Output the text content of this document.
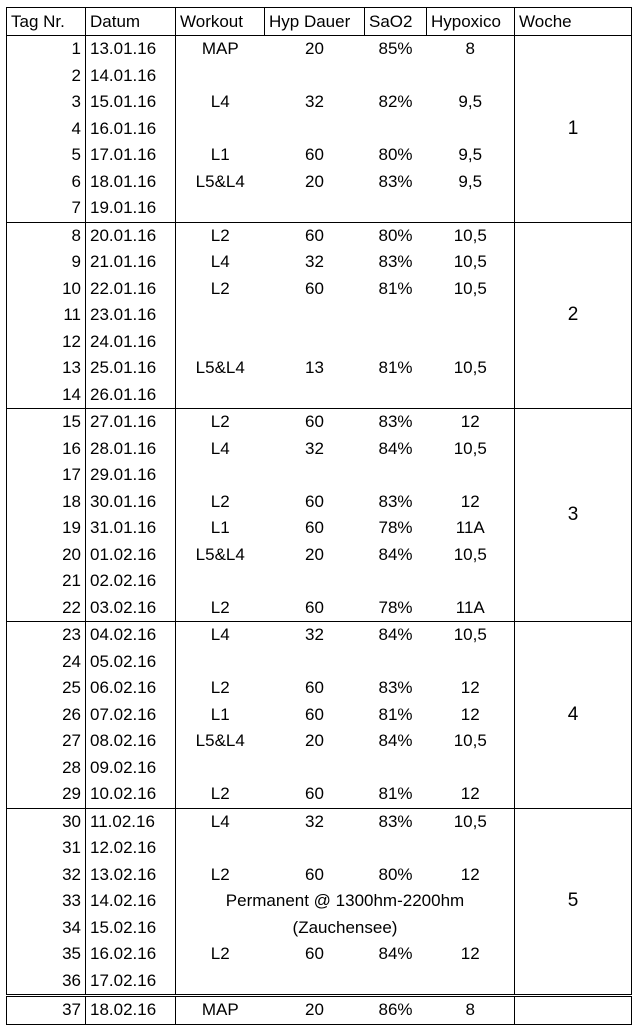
Tag Nr.	Datum	Workout	Hyp Dauer	SaO2	Hypoxico	Woche
1	13.01.16	MAP	20	85%	8	1
2	14.01.16					
3	15.01.16	L4	32	82%	9,5	
4	16.01.16					
5	17.01.16	L1	60	80%	9,5	
6	18.01.16	L5&L4	20	83%	9,5	
7	19.01.16					
8	20.01.16	L2	60	80%	10,5	2
9	21.01.16	L4	32	83%	10,5	
10	22.01.16	L2	60	81%	10,5	
11	23.01.16					
12	24.01.16					
13	25.01.16	L5&L4	13	81%	10,5	
14	26.01.16					
15	27.01.16	L2	60	83%	12	3
16	28.01.16	L4	32	84%	10,5	
17	29.01.16					
18	30.01.16	L2	60	83%	12	
19	31.01.16	L1	60	78%	11A	
20	01.02.16	L5&L4	20	84%	10,5	
21	02.02.16					
22	03.02.16	L2	60	78%	11A	
23	04.02.16	L4	32	84%	10,5	4
24	05.02.16					
25	06.02.16	L2	60	83%	12	
26	07.02.16	L1	60	81%	12	
27	08.02.16	L5&L4	20	84%	10,5	
28	09.02.16					
29	10.02.16	L2	60	81%	12	
30	11.02.16	L4	32	83%	10,5	5
31	12.02.16					
32	13.02.16	L2	60	80%	12	
33	14.02.16	Permanent @ 1300hm-2200hm				
34	15.02.16	(Zauchensee)				
35	16.02.16	L2	60	84%	12	
36	17.02.16					
37	18.02.16	MAP	20	86%	8	
